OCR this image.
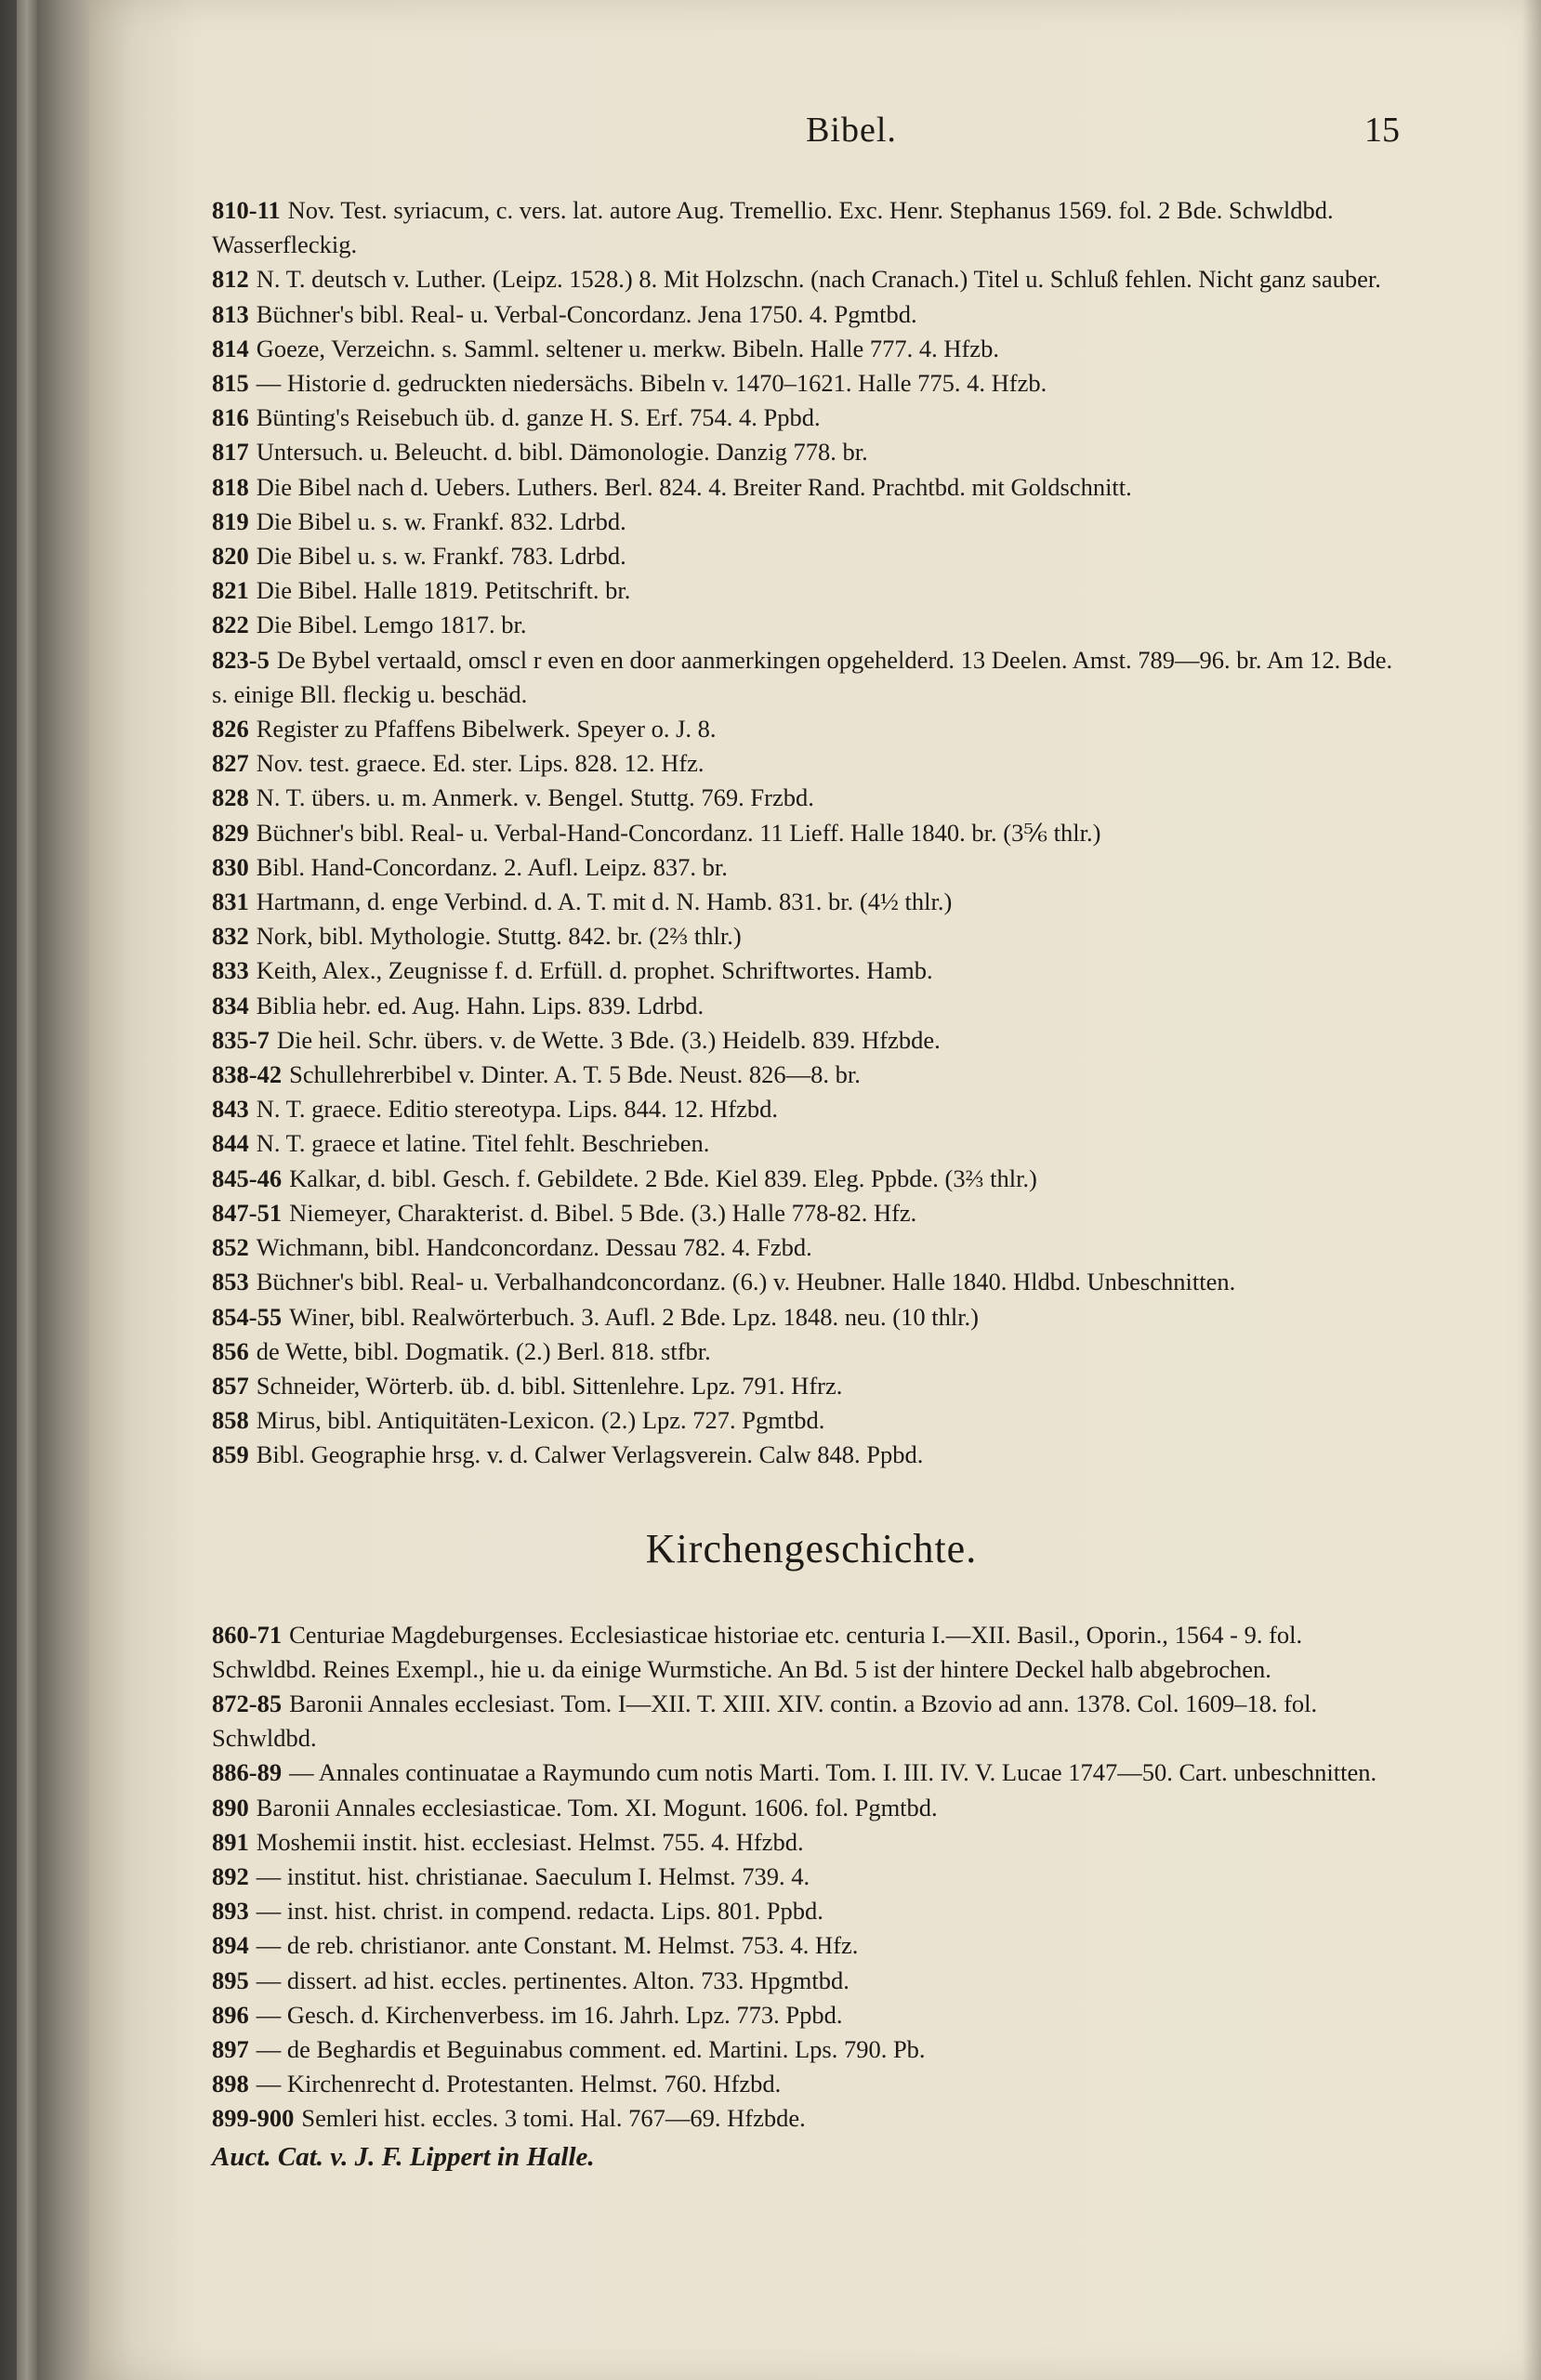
Bibel.	15

810-11 Nov. Test. syriacum, c. vers. lat. autore Aug. Tremellio. Exc. Henr. Stephanus 1569. fol. 2 Bde. Schwldbd. Wasserfleckig.

812 N. T. deutsch v. Luther. (Leipz. 1528.) 8. Mit Holzschn. (nach Cranach.) Titel u. Schluß fehlen. Nicht ganz sauber.

813 Büchner's bibl. Real- u. Verbal-Concordanz. Jena 1750. 4. Pgmtbd.

814 Goeze, Verzeichn. s. Samml. seltener u. merkw. Bibeln. Halle 777. 4. Hfzb.

815 — Historie d. gedruckten niedersächs. Bibeln v. 1470–1621. Halle 775. 4. Hfzb.

816 Bünting's Reisebuch üb. d. ganze H. S. Erf. 754. 4. Ppbd.

817 Untersuch. u. Beleucht. d. bibl. Dämonologie. Danzig 778. br.

818 Die Bibel nach d. Uebers. Luthers. Berl. 824. 4. Breiter Rand. Prachtbd. mit Goldschnitt.

819 Die Bibel u. s. w. Frankf. 832. Ldrbd.

820 Die Bibel u. s. w. Frankf. 783. Ldrbd.

821 Die Bibel. Halle 1819. Petitschrift. br.

822 Die Bibel. Lemgo 1817. br.

823-5 De Bybel vertaald, omscl r even en door aanmerkingen opgehelderd. 13 Deelen. Amst. 789—96. br. Am 12. Bde. s. einige Bll. fleckig u. beschäd.

826 Register zu Pfaffens Bibelwerk. Speyer o. J. 8.

827 Nov. test. graece. Ed. ster. Lips. 828. 12. Hfz.

828 N. T. übers. u. m. Anmerk. v. Bengel. Stuttg. 769. Frzbd.

829 Büchner's bibl. Real- u. Verbal-Hand-Concordanz. 11 Lieff. Halle 1840. br. (3⅚ thlr.)

830 Bibl. Hand-Concordanz. 2. Aufl. Leipz. 837. br.

831 Hartmann, d. enge Verbind. d. A. T. mit d. N. Hamb. 831. br. (4½ thlr.)

832 Nork, bibl. Mythologie. Stuttg. 842. br. (2⅔ thlr.)

833 Keith, Alex., Zeugnisse f. d. Erfüll. d. prophet. Schriftwortes. Hamb.

834 Biblia hebr. ed. Aug. Hahn. Lips. 839. Ldrbd.

835-7 Die heil. Schr. übers. v. de Wette. 3 Bde. (3.) Heidelb. 839. Hfzbde.

838-42 Schullehrerbibel v. Dinter. A. T. 5 Bde. Neust. 826—8. br.

843 N. T. graece. Editio stereotypa. Lips. 844. 12. Hfzbd.

844 N. T. graece et latine. Titel fehlt. Beschrieben.

845-46 Kalkar, d. bibl. Gesch. f. Gebildete. 2 Bde. Kiel 839. Eleg. Ppbde. (3⅔ thlr.)

847-51 Niemeyer, Charakterist. d. Bibel. 5 Bde. (3.) Halle 778-82. Hfz.

852 Wichmann, bibl. Handconcordanz. Dessau 782. 4. Fzbd.

853 Büchner's bibl. Real- u. Verbalhandconcordanz. (6.) v. Heubner. Halle 1840. Hldbd. Unbeschnitten.

854-55 Winer, bibl. Realwörterbuch. 3. Aufl. 2 Bde. Lpz. 1848. neu. (10 thlr.)

856 de Wette, bibl. Dogmatik. (2.) Berl. 818. stfbr.

857 Schneider, Wörterb. üb. d. bibl. Sittenlehre. Lpz. 791. Hfrz.

858 Mirus, bibl. Antiquitäten-Lexicon. (2.) Lpz. 727. Pgmtbd.

859 Bibl. Geographie hrsg. v. d. Calwer Verlagsverein. Calw 848. Ppbd.

Kirchengeschichte.

860-71 Centuriae Magdeburgenses. Ecclesiasticae historiae etc. centuria I.—XII. Basil., Oporin., 1564 - 9. fol. Schwldbd. Reines Exempl., hie u. da einige Wurmstiche. An Bd. 5 ist der hintere Deckel halb abgebrochen.

872-85 Baronii Annales ecclesiast. Tom. I—XII. T. XIII. XIV. contin. a Bzovio ad ann. 1378. Col. 1609–18. fol. Schwldbd.

886-89 — Annales continuatae a Raymundo cum notis Marti. Tom. I. III. IV. V. Lucae 1747—50. Cart. unbeschnitten.

890 Baronii Annales ecclesiasticae. Tom. XI. Mogunt. 1606. fol. Pgmtbd.

891 Moshemii instit. hist. ecclesiast. Helmst. 755. 4. Hfzbd.

892 — institut. hist. christianae. Saeculum I. Helmst. 739. 4.

893 — inst. hist. christ. in compend. redacta. Lips. 801. Ppbd.

894 — de reb. christianor. ante Constant. M. Helmst. 753. 4. Hfz.

895 — dissert. ad hist. eccles. pertinentes. Alton. 733. Hpgmtbd.

896 — Gesch. d. Kirchenverbess. im 16. Jahrh. Lpz. 773. Ppbd.

897 — de Beghardis et Beguinabus comment. ed. Martini. Lps. 790. Pb.

898 — Kirchenrecht d. Protestanten. Helmst. 760. Hfzbd.

899-900 Semleri hist. eccles. 3 tomi. Hal. 767—69. Hfzbde.

Auct. Cat. v. J. F. Lippert in Halle.
